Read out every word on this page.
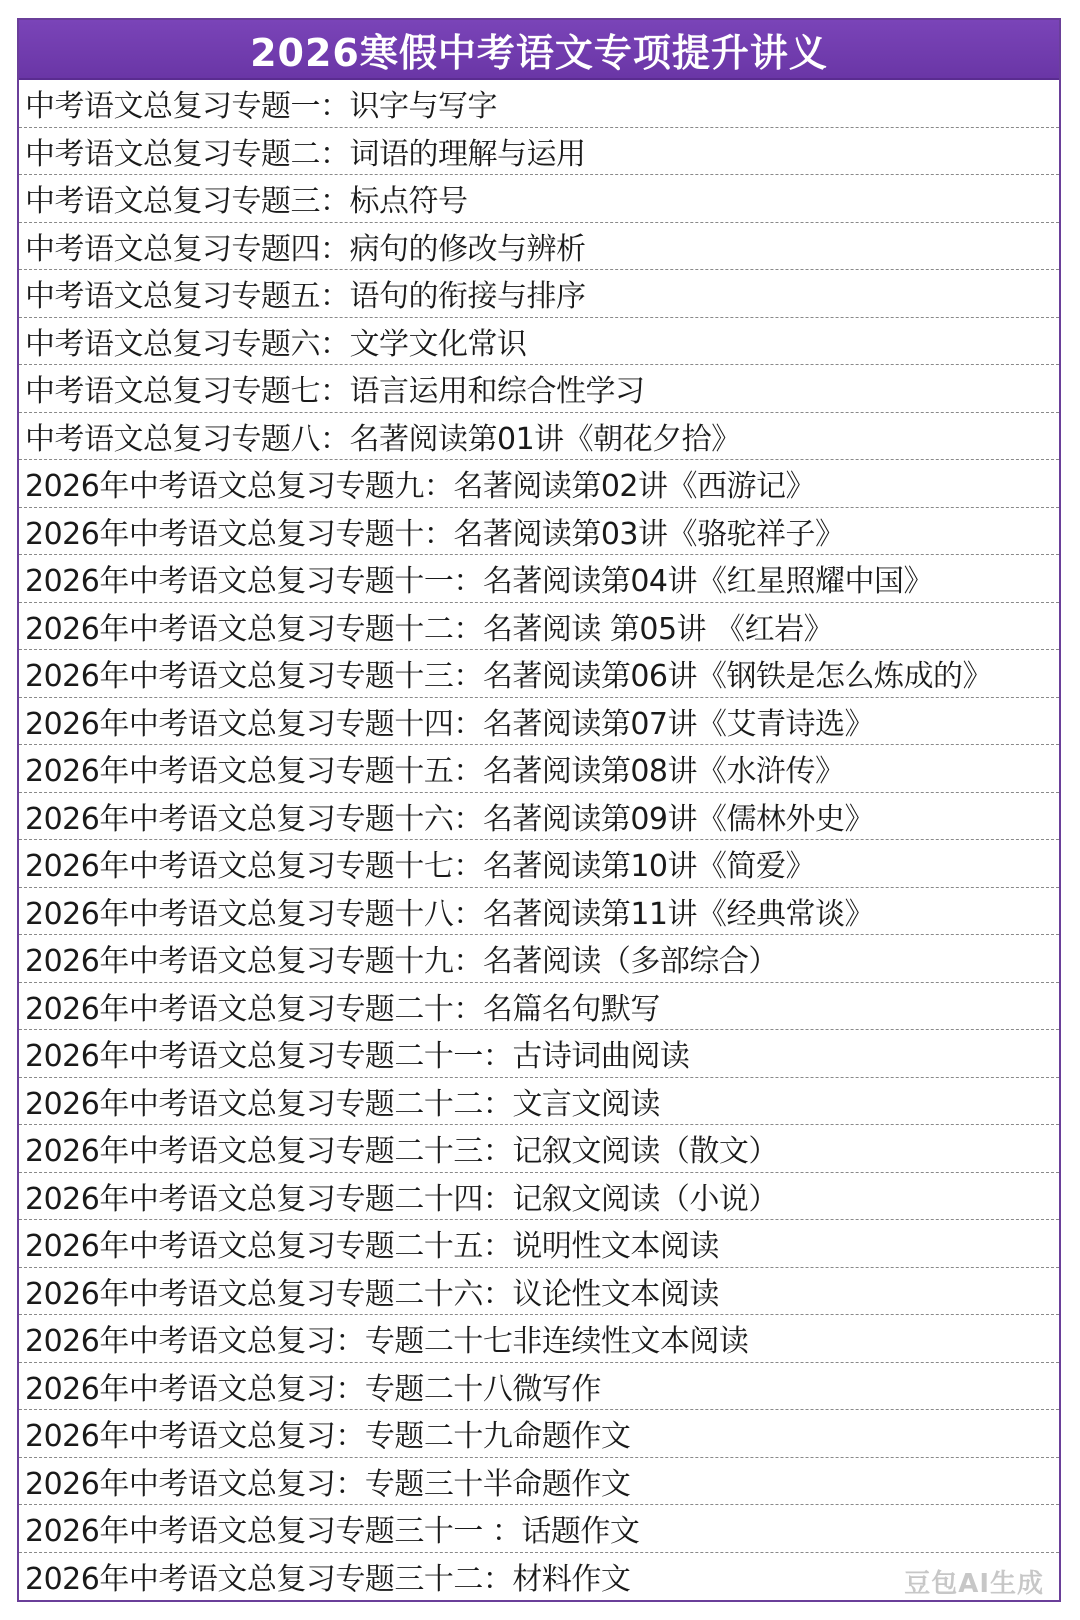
2026寒假中考语文专项提升讲义
中考语文总复习专题一：识字与写字
中考语文总复习专题二：词语的理解与运用
中考语文总复习专题三：标点符号
中考语文总复习专题四：病句的修改与辨析
中考语文总复习专题五：语句的衔接与排序
中考语文总复习专题六：文学文化常识
中考语文总复习专题七：语言运用和综合性学习
中考语文总复习专题八：名著阅读第01讲《朝花夕拾》
2026年中考语文总复习专题九：名著阅读第02讲《西游记》
2026年中考语文总复习专题十：名著阅读第03讲《骆驼祥子》
2026年中考语文总复习专题十一：名著阅读第04讲《红星照耀中国》
2026年中考语文总复习专题十二：名著阅读 第05讲 《红岩》
2026年中考语文总复习专题十三：名著阅读第06讲《钢铁是怎么炼成的》
2026年中考语文总复习专题十四：名著阅读第07讲《艾青诗选》
2026年中考语文总复习专题十五：名著阅读第08讲《水浒传》
2026年中考语文总复习专题十六：名著阅读第09讲《儒林外史》
2026年中考语文总复习专题十七：名著阅读第10讲《简爱》
2026年中考语文总复习专题十八：名著阅读第11讲《经典常谈》
2026年中考语文总复习专题十九：名著阅读（多部综合）
2026年中考语文总复习专题二十：名篇名句默写
2026年中考语文总复习专题二十一：古诗词曲阅读
2026年中考语文总复习专题二十二：文言文阅读
2026年中考语文总复习专题二十三：记叙文阅读（散文）
2026年中考语文总复习专题二十四：记叙文阅读（小说）
2026年中考语文总复习专题二十五：说明性文本阅读
2026年中考语文总复习专题二十六：议论性文本阅读
2026年中考语文总复习：专题二十七非连续性文本阅读
2026年中考语文总复习：专题二十八微写作
2026年中考语文总复习：专题二十九命题作文
2026年中考语文总复习：专题三十半命题作文
2026年中考语文总复习专题三十一 ：话题作文
2026年中考语文总复习专题三十二：材料作文	豆包AI生成
